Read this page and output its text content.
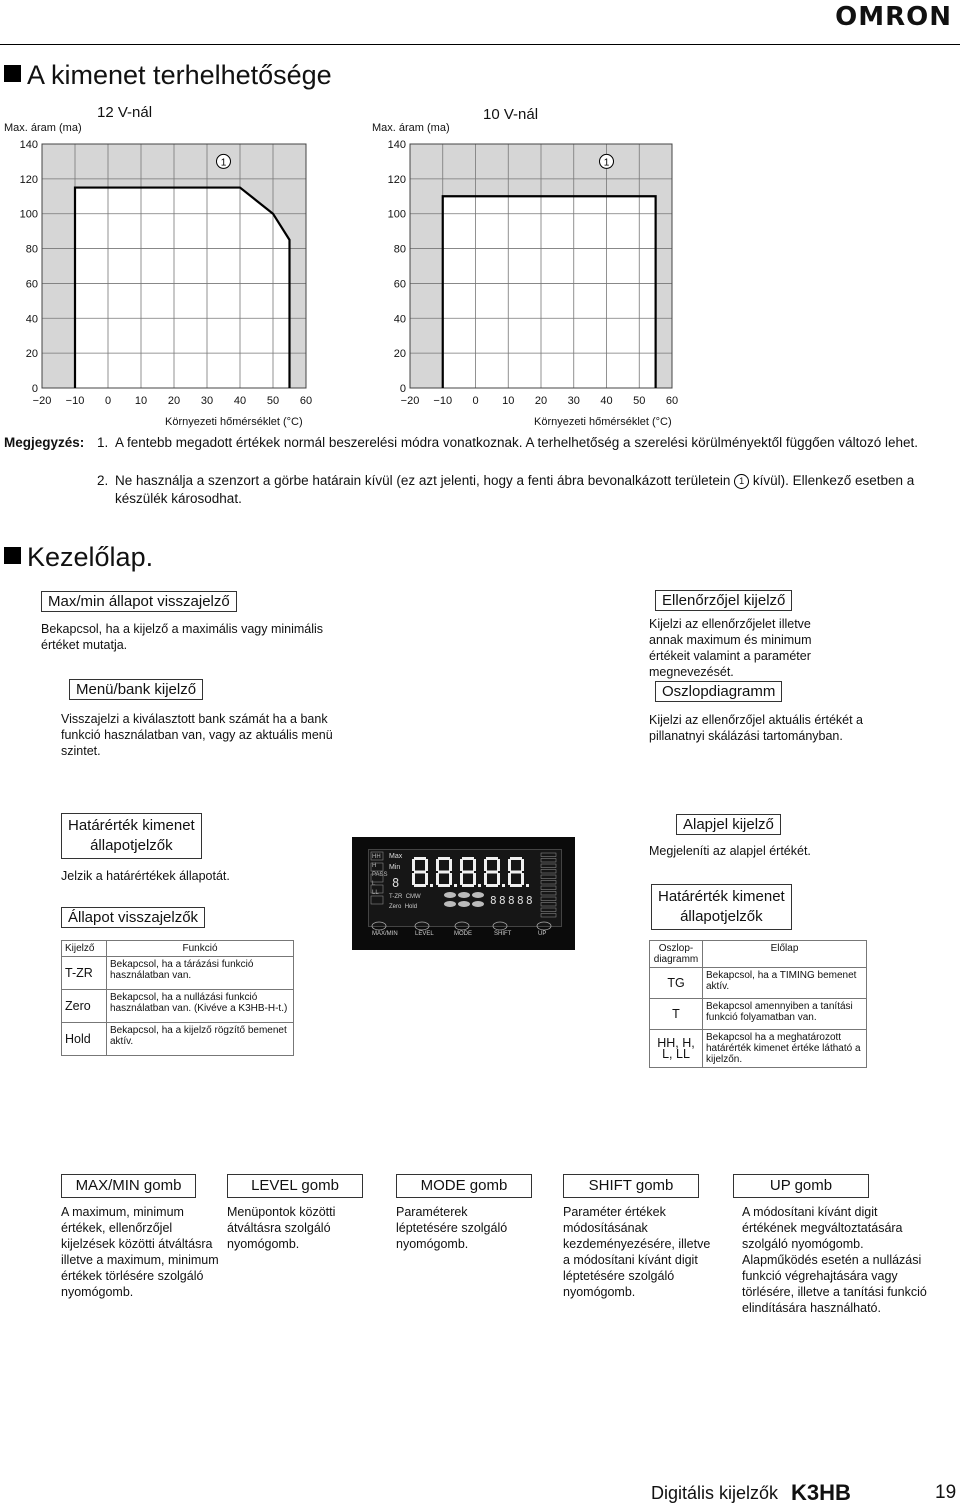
OMRON
A kimenet terhelhetősége
12 V-nál
Max. áram (ma)
Környezeti hőmérséklet (°C)
10 V-nál
Max. áram (ma)
Környezeti hőmérséklet (°C)
0
20
40
60
80
100
120
140
−20 −10 0 10 20 30 40 50 60
1
0
20
40
60
80
100
120
140
−20 −10 0 10 20 30 40 50 60
1
Megjegyzés: 1. A fentebb megadott értékek normál beszerelési módra vonatkoznak. A terhelhetőség a szerelési körülményektől függően változó lehet.
2. Ne használja a szenzort a görbe határain kívül (ez azt jelenti, hogy a fenti ábra bevonalkázott területein 1 kívül). Ellenkező esetben a készülék károsodhat.
Kezelőlap.
Max/min állapot visszajelző
Bekapcsol, ha a kijelző a maximális vagy minimális értéket mutatja.
Menü/bank kijelző
Visszajelzi a kiválasztott bank számát ha a bank funkció használatban van, vagy az aktuális menü szintet.
Ellenőrzőjel kijelző
Kijelzi az ellenőrzőjelet illetve annak maximum és minimum értékeit valamint a paraméter megnevezését.
Oszlopdiagramm
Kijelzi az ellenőrzőjel aktuális értékét a pillanatnyi skálázási tartományban.
Határérték kimenet
állapotjelzők
Jelzik a határértékek állapotát.
Állapot visszajelzők
Kijelző	Funkció
T-ZR	Bekapcsol, ha a tárázási funkció használatban van.
Zero	Bekapcsol, ha a nullázási funkció használatban van. (Kivéve a K3HB-H-t.)
Hold	Bekapcsol, ha a kijelző rögzítő bemenet aktív.
Alapjel kijelző
Megjeleníti az alapjel értékét.
Határérték kimenet
állapotjelzők
Oszlop-diagramm	Előlap
TG	Bekapcsol, ha a TIMING bemenet aktív.
T	Bekapcsol amennyiben a tanítási funkció folyamatban van.
HH, H, L, LL	Bekapcsol ha a meghatározott határérték kimenet értéke látható a kijelzőn.
HH
H
PASS
L
LL
Max
Min
T-ZR CMW
Zero Hold
8
8 8 8 8 8
MAX/MIN	LEVEL	MODE	SHIFT	UP
MAX/MIN gomb
A maximum, minimum értékek, ellenőrzőjel kijelzések közötti átváltásra illetve a maximum, minimum értékek törlésére szolgáló nyomógomb.
LEVEL gomb
Menüpontok közötti átváltásra szolgáló nyomógomb.
MODE gomb
Paraméterek léptetésére szolgáló nyomógomb.
SHIFT gomb
Paraméter értékek módosításának kezdeményezésére, illetve a módosítani kívánt digit léptetésére szolgáló nyomógomb.
UP gomb
A módosítani kívánt digit értékének megváltoztatására szolgáló nyomógomb. Alapműködés esetén a nullázási funkció végrehajtására vagy törlésére, illetve a tanítási funkció elindítására használható.
Digitális kijelzők K3HB	19
